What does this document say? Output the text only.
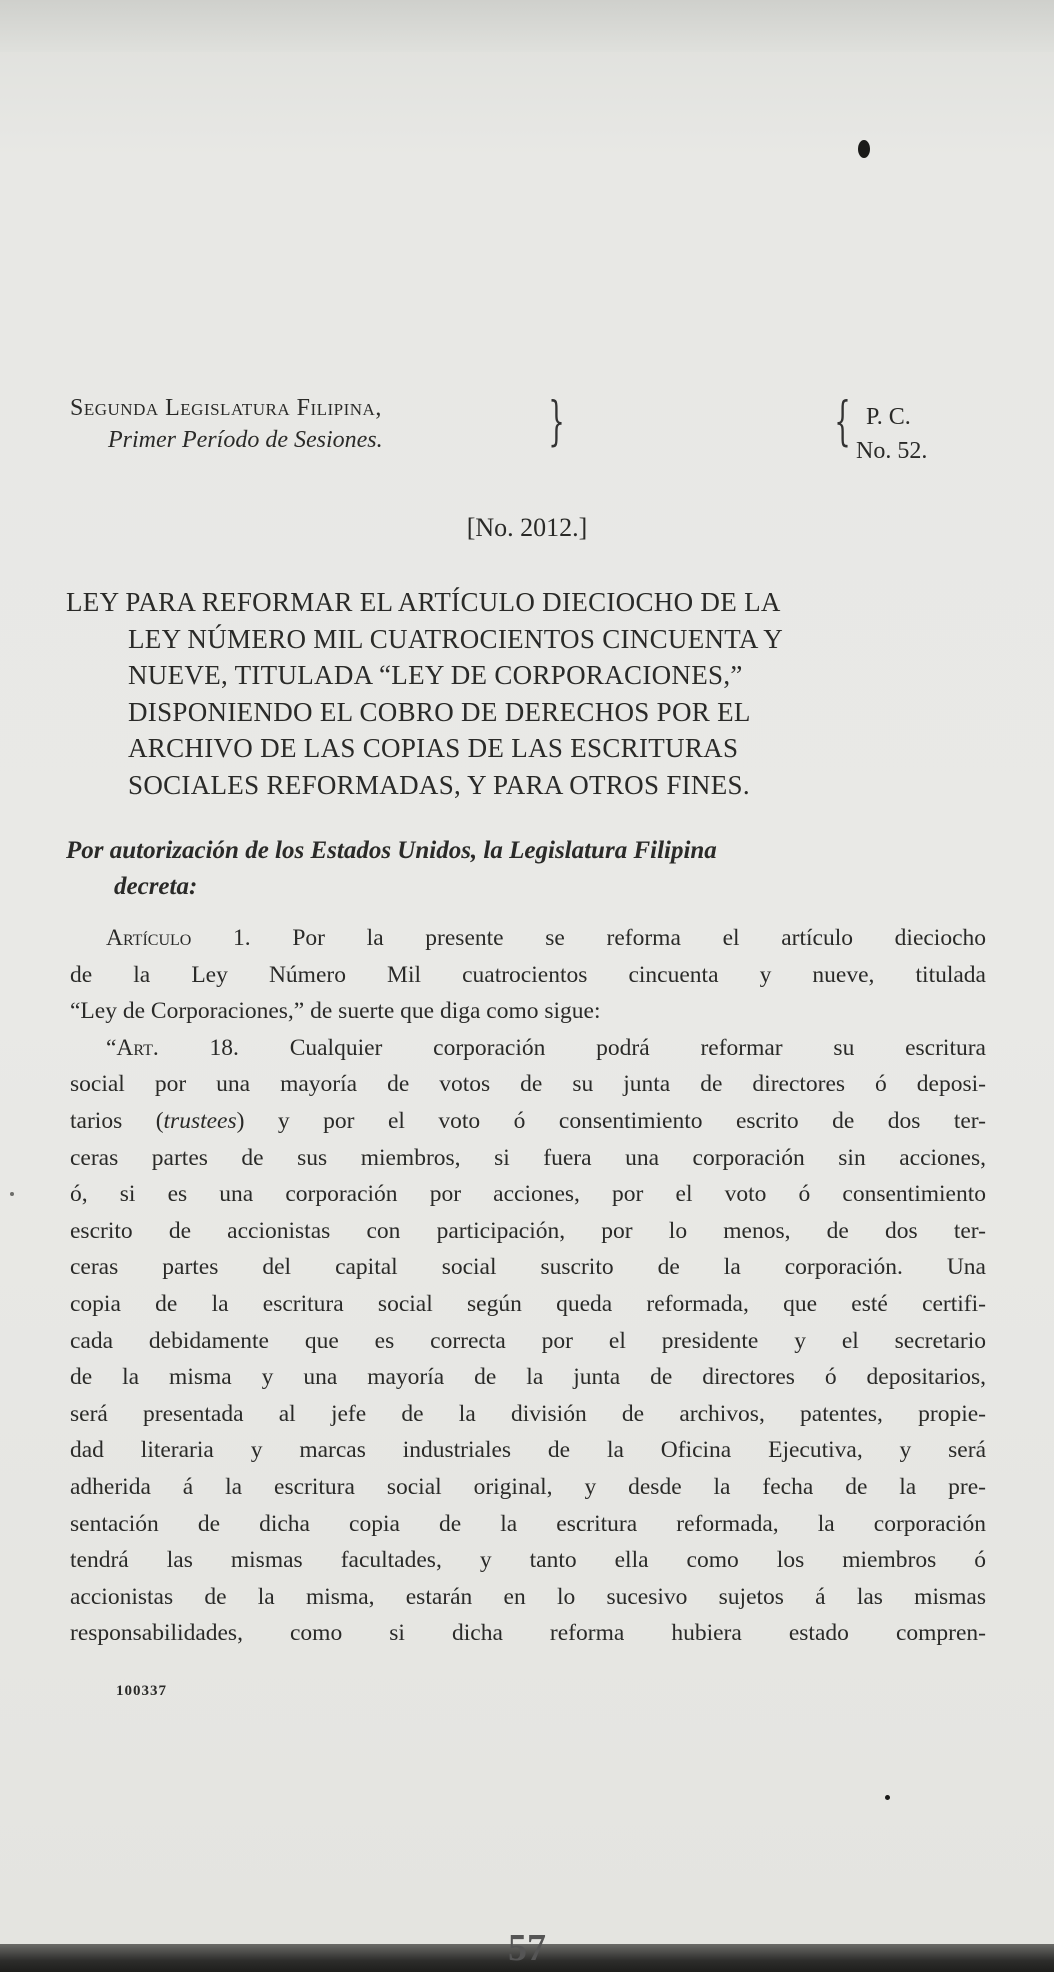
Segunda Legislatura Filipina,
Primer Período de Sesiones.	}	{ P. C.
No. 52.
[No. 2012.]
LEY PARA REFORMAR EL ARTÍCULO DIECIOCHO DE LA
LEY NÚMERO MIL CUATROCIENTOS CINCUENTA Y
NUEVE, TITULADA “LEY DE CORPORACIONES,”
DISPONIENDO EL COBRO DE DERECHOS POR EL
ARCHIVO DE LAS COPIAS DE LAS ESCRITURAS
SOCIALES REFORMADAS, Y PARA OTROS FINES.
Por autorización de los Estados Unidos, la Legislatura Filipina
decreta:
Artículo 1. Por la presente se reforma el artículo dieciocho
de la Ley Número Mil cuatrocientos cincuenta y nueve, titulada
“Ley de Corporaciones,” de suerte que diga como sigue:
“Art. 18. Cualquier corporación podrá reformar su escritura
social por una mayoría de votos de su junta de directores ó deposi-
tarios (trustees) y por el voto ó consentimiento escrito de dos ter-
ceras partes de sus miembros, si fuera una corporación sin acciones,
ó, si es una corporación por acciones, por el voto ó consentimiento
escrito de accionistas con participación, por lo menos, de dos ter-
ceras partes del capital social suscrito de la corporación. Una
copia de la escritura social según queda reformada, que esté certifi-
cada debidamente que es correcta por el presidente y el secretario
de la misma y una mayoría de la junta de directores ó depositarios,
será presentada al jefe de la división de archivos, patentes, propie-
dad literaria y marcas industriales de la Oficina Ejecutiva, y será
adherida á la escritura social original, y desde la fecha de la pre-
sentación de dicha copia de la escritura reformada, la corporación
tendrá las mismas facultades, y tanto ella como los miembros ó
accionistas de la misma, estarán en lo sucesivo sujetos á las mismas
responsabilidades, como si dicha reforma hubiera estado compren-
100337
57
